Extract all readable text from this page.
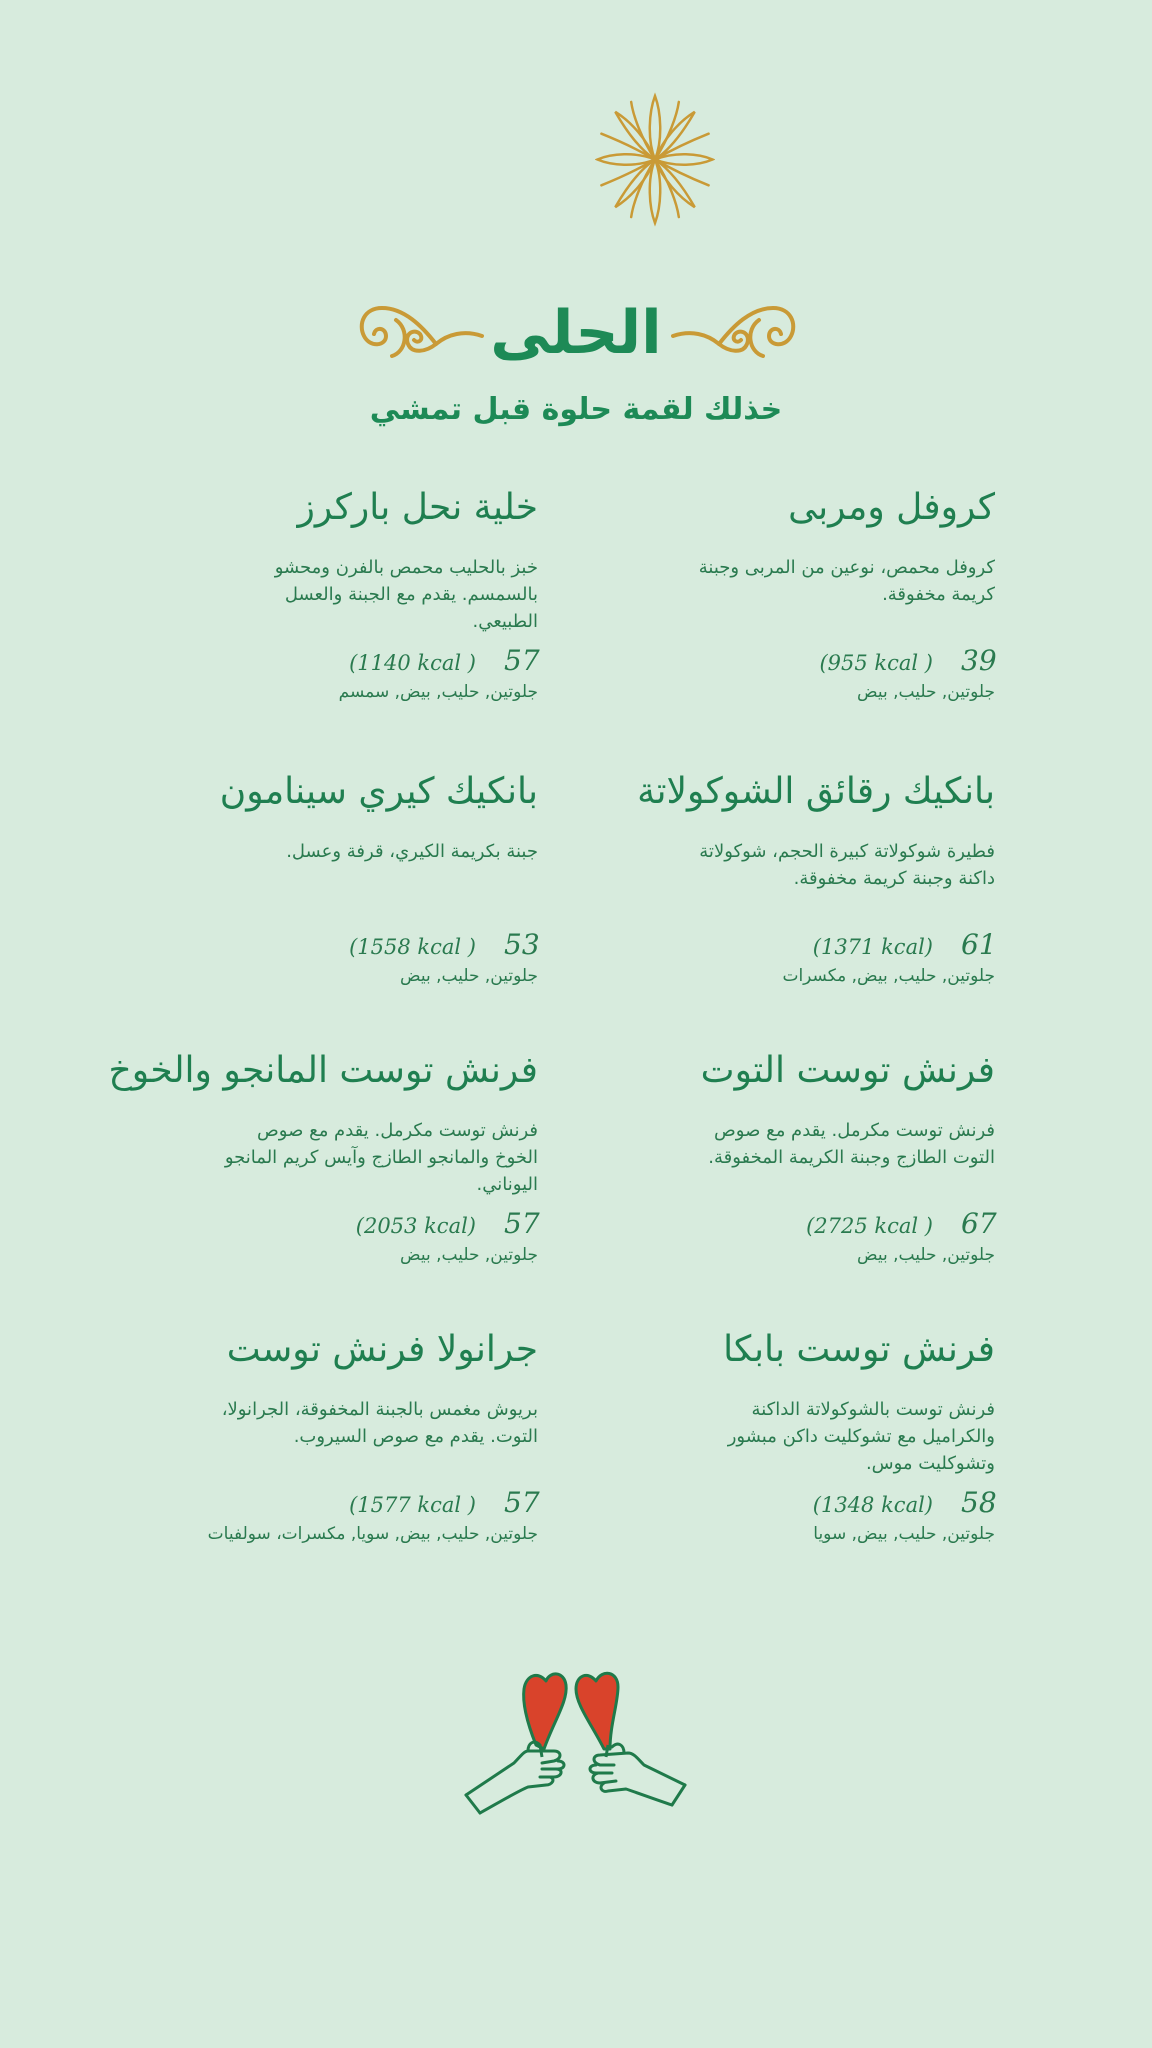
الحلى
خذلك لقمة حلوة قبل تمشي
كروفل ومربى
كروفل محمص، نوعين من المربى وجبنة كريمة مخفوقة.
(955 kcal ) 39
جلوتين, حليب, بيض
خلية نحل باركرز
خبز بالحليب محمص بالفرن ومحشو بالسمسم. يقدم مع الجبنة والعسل الطبيعي.
(1140 kcal ) 57
جلوتين, حليب, بيض, سمسم
بانكيك رقائق الشوكولاتة
فطيرة شوكولاتة كبيرة الحجم، شوكولاتة داكنة وجبنة كريمة مخفوقة.
(1371 kcal) 61
جلوتين, حليب, بيض, مكسرات
بانكيك كيري سينامون
جبنة بكريمة الكيري، قرفة وعسل.
(1558 kcal ) 53
جلوتين, حليب, بيض
فرنش توست التوت
فرنش توست مكرمل. يقدم مع صوص التوت الطازج وجبنة الكريمة المخفوقة.
(2725 kcal ) 67
جلوتين, حليب, بيض
فرنش توست المانجو والخوخ
فرنش توست مكرمل. يقدم مع صوص الخوخ والمانجو الطازج وآيس كريم المانجو اليوناني.
(2053 kcal) 57
جلوتين, حليب, بيض
فرنش توست بابكا
فرنش توست بالشوكولاتة الداكنة والكراميل مع تشوكليت داكن مبشور وتشوكليت موس.
(1348 kcal) 58
جلوتين, حليب, بيض, سويا
جرانولا فرنش توست
بريوش مغمس بالجبنة المخفوقة، الجرانولا، التوت. يقدم مع صوص السيروب.
(1577 kcal ) 57
جلوتين, حليب, بيض, سويا, مكسرات، سولفيات
